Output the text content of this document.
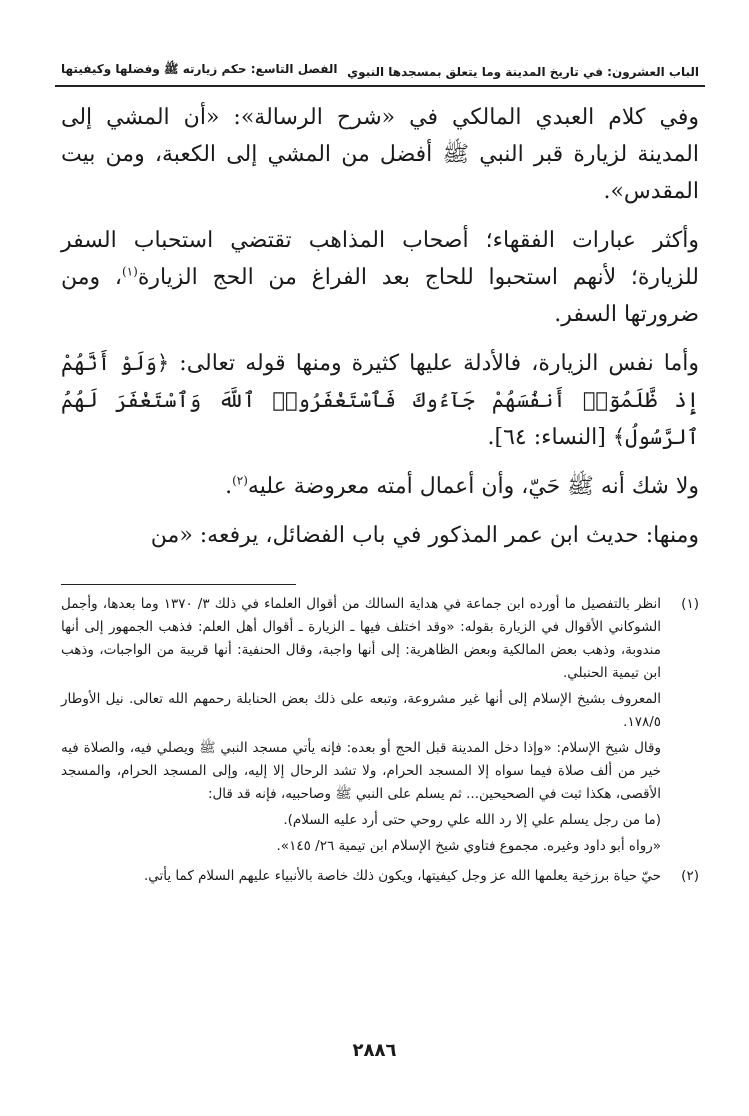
الباب العشرون: في تاريخ المدينة وما يتعلق بمسجدها النبوي
الفصل التاسع: حكم زيارته ﷺ وفضلها وكيفيتها

وفي كلام العبدي المالكي في «شرح الرسالة»: «أن المشي إلى المدينة لزيارة قبر النبي ﷺ أفضل من المشي إلى الكعبة، ومن بيت المقدس».

وأكثر عبارات الفقهاء؛ أصحاب المذاهب تقتضي استحباب السفر للزيارة؛ لأنهم استحبوا للحاج بعد الفراغ من الحج الزيارة$^{(١)}$، ومن ضرورتها السفر.

وأما نفس الزيارة، فالأدلة عليها كثيرة ومنها قوله تعالى: ﴿وَلَوْ أَنَّهُمْ إِذ ظَّلَمُوٓا۟ أَنفُسَهُمْ جَآءُوكَ فَٱسْتَغْفَرُوا۟ ٱللَّهَ وَٱسْتَغْفَرَ لَهُمُ ٱلرَّسُولُ﴾ [النساء: ٦٤].

ولا شك أنه ﷺ حَيّ، وأن أعمال أمته معروضة عليه$^{(٢)}$.

ومنها: حديث ابن عمر المذكور في باب الفضائل، يرفعه: «من

(١)

انظر بالتفصيل ما أورده ابن جماعة في هداية السالك من أقوال العلماء في ذلك ٣/ ١٣٧٠ وما بعدها، وأجمل الشوكاني الأقوال في الزيارة بقوله: «وقد اختلف فيها ـ الزيارة ـ أقوال أهل العلم: فذهب الجمهور إلى أنها مندوبة، وذهب بعض المالكية وبعض الظاهرية: إلى أنها واجبة، وقال الحنفية: أنها قريبة من الواجبات، وذهب ابن تيمية الحنبلي.

المعروف بشيخ الإسلام إلى أنها غير مشروعة، وتبعه على ذلك بعض الحنابلة رحمهم الله تعالى. نيل الأوطار ١٧٨/٥.

وقال شيخ الإسلام: «وإذا دخل المدينة قبل الحج أو بعده: فإنه يأتي مسجد النبي ﷺ ويصلي فيه، والصلاة فيه خير من ألف صلاة فيما سواه إلا المسجد الحرام، ولا تشد الرحال إلا إليه، وإلى المسجد الحرام، والمسجد الأقصى، هكذا ثبت في الصحيحين... ثم يسلم على النبي ﷺ وصاحبيه، فإنه قد قال:

(ما من رجل يسلم علي إلا رد الله علي روحي حتى أرد عليه السلام).

«رواه أبو داود وغيره. مجموع فتاوي شيخ الإسلام ابن تيمية ٢٦/ ١٤٥».

(٢)

حيّ حياة برزخية يعلمها الله عز وجل كيفيتها، ويكون ذلك خاصة بالأنبياء عليهم السلام كما يأتي.

٢٨٨٦
